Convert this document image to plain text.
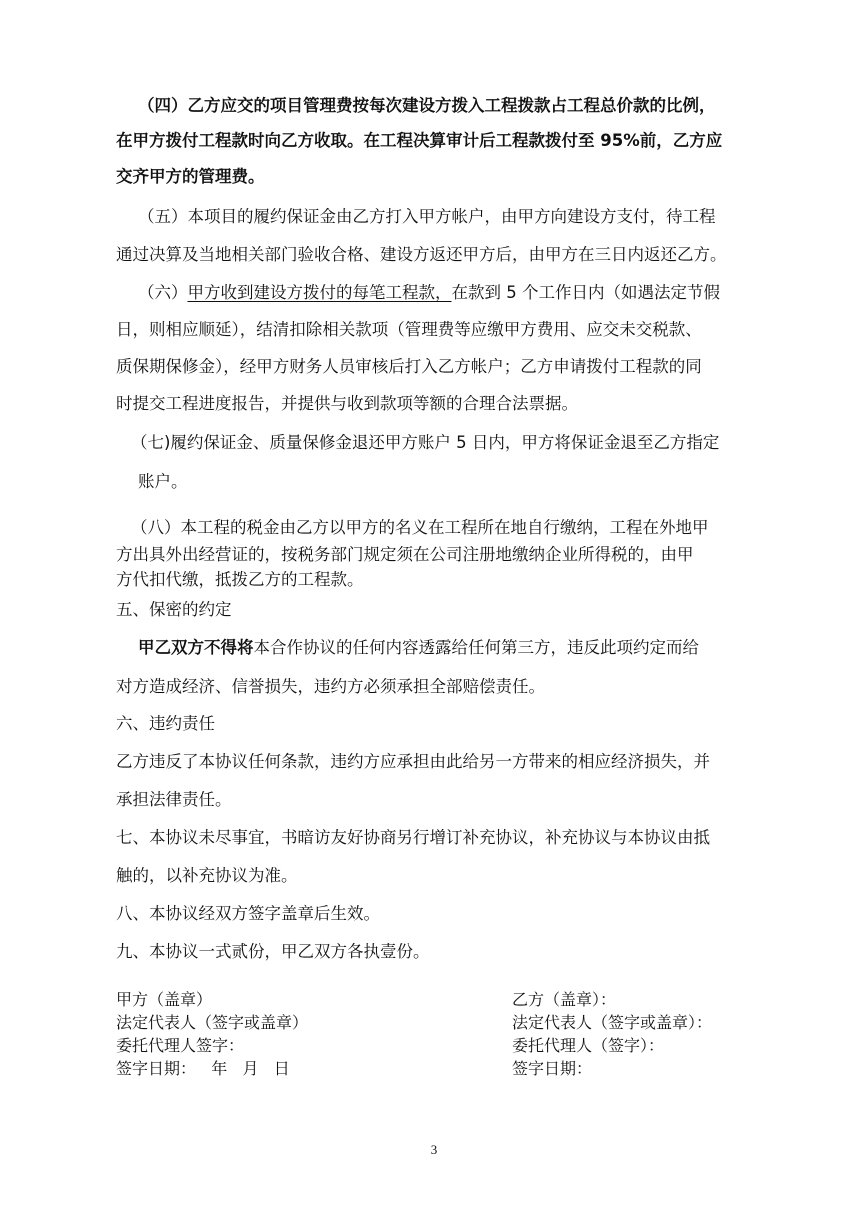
（四）乙方应交的项目管理费按每次建设方拨入工程拨款占工程总价款的比例，
在甲方拨付工程款时向乙方收取。在工程决算审计后工程款拨付至 95%前，乙方应
交齐甲方的管理费。
（五）本项目的履约保证金由乙方打入甲方帐户，由甲方向建设方支付，待工程
通过决算及当地相关部门验收合格、建设方返还甲方后，由甲方在三日内返还乙方。
（六）甲方收到建设方拨付的每笔工程款，在款到 5 个工作日内（如遇法定节假
日，则相应顺延），结清扣除相关款项（管理费等应缴甲方费用、应交未交税款、
质保期保修金），经甲方财务人员审核后打入乙方帐户；乙方申请拨付工程款的同
时提交工程进度报告，并提供与收到款项等额的合理合法票据。
（七)履约保证金、质量保修金退还甲方账户 5 日内，甲方将保证金退至乙方指定
账户。
（八）本工程的税金由乙方以甲方的名义在工程所在地自行缴纳，工程在外地甲
方出具外出经营证的，按税务部门规定须在公司注册地缴纳企业所得税的，由甲
方代扣代缴，抵拨乙方的工程款。
五、保密的约定
甲乙双方不得将本合作协议的任何内容透露给任何第三方，违反此项约定而给
对方造成经济、信誉损失，违约方必须承担全部赔偿责任。
六、违约责任
乙方违反了本协议任何条款，违约方应承担由此给另一方带来的相应经济损失，并
承担法律责任。
七、本协议未尽事宜，书暗访友好协商另行增订补充协议，补充协议与本协议由抵
触的，以补充协议为准。
八、本协议经双方签字盖章后生效。
九、本协议一式贰份，甲乙双方各执壹份。
甲方（盖章）
法定代表人（签字或盖章）
委托代理人签字：
签字日期：   年   月   日
乙方（盖章）：
法定代表人（签字或盖章）：
委托代理人（签字）：
签字日期：
3
